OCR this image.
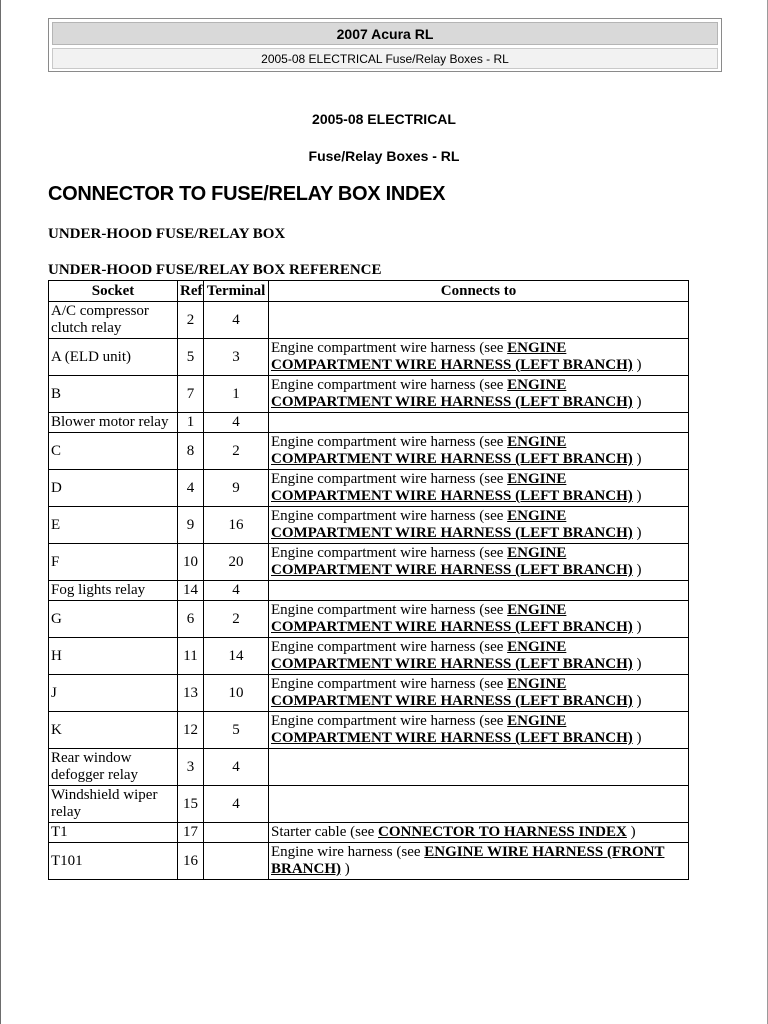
2007 Acura RL
2005-08 ELECTRICAL Fuse/Relay Boxes - RL
2005-08 ELECTRICAL
Fuse/Relay Boxes - RL
CONNECTOR TO FUSE/RELAY BOX INDEX
UNDER-HOOD FUSE/RELAY BOX
UNDER-HOOD FUSE/RELAY BOX REFERENCE
Socket	Ref	Terminal	Connects to
A/C compressor clutch relay	2	4	
A (ELD unit)	5	3	Engine compartment wire harness (see ENGINE COMPARTMENT WIRE HARNESS (LEFT BRANCH) )
B	7	1	Engine compartment wire harness (see ENGINE COMPARTMENT WIRE HARNESS (LEFT BRANCH) )
Blower motor relay	1	4	
C	8	2	Engine compartment wire harness (see ENGINE COMPARTMENT WIRE HARNESS (LEFT BRANCH) )
D	4	9	Engine compartment wire harness (see ENGINE COMPARTMENT WIRE HARNESS (LEFT BRANCH) )
E	9	16	Engine compartment wire harness (see ENGINE COMPARTMENT WIRE HARNESS (LEFT BRANCH) )
F	10	20	Engine compartment wire harness (see ENGINE COMPARTMENT WIRE HARNESS (LEFT BRANCH) )
Fog lights relay	14	4	
G	6	2	Engine compartment wire harness (see ENGINE COMPARTMENT WIRE HARNESS (LEFT BRANCH) )
H	11	14	Engine compartment wire harness (see ENGINE COMPARTMENT WIRE HARNESS (LEFT BRANCH) )
J	13	10	Engine compartment wire harness (see ENGINE COMPARTMENT WIRE HARNESS (LEFT BRANCH) )
K	12	5	Engine compartment wire harness (see ENGINE COMPARTMENT WIRE HARNESS (LEFT BRANCH) )
Rear window defogger relay	3	4	
Windshield wiper relay	15	4	
T1	17		Starter cable (see CONNECTOR TO HARNESS INDEX )
T101	16		Engine wire harness (see ENGINE WIRE HARNESS (FRONT BRANCH) )
